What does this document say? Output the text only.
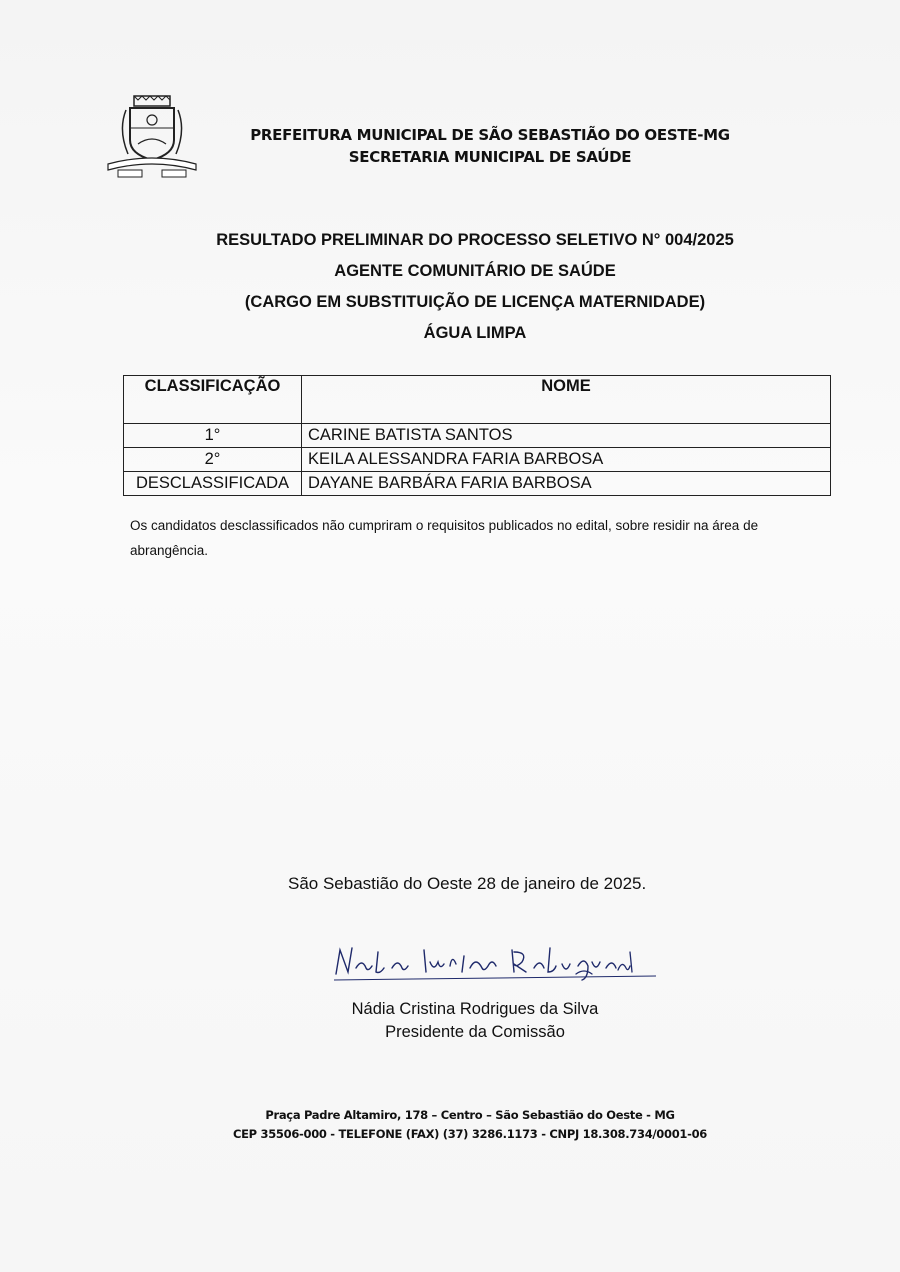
PREFEITURA MUNICIPAL DE SÃO SEBASTIÃO DO OESTE-MG
SECRETARIA MUNICIPAL DE SAÚDE
RESULTADO PRELIMINAR DO PROCESSO SELETIVO N° 004/2025
AGENTE COMUNITÁRIO DE SAÚDE
(CARGO EM SUBSTITUIÇÃO DE LICENÇA MATERNIDADE)
ÁGUA LIMPA
CLASSIFICAÇÃO	NOME
1°	CARINE BATISTA SANTOS
2°	KEILA ALESSANDRA FARIA BARBOSA
DESCLASSIFICADA	DAYANE BARBÁRA FARIA BARBOSA
Os candidatos desclassificados não cumpriram o requisitos publicados no edital, sobre residir na área de abrangência.
São Sebastião do Oeste 28 de janeiro de 2025.
Nádia Cristina Rodrigues da Silva
Presidente da Comissão
Praça Padre Altamiro, 178 – Centro – São Sebastião do Oeste - MG
CEP 35506-000 - TELEFONE (FAX) (37) 3286.1173 - CNPJ 18.308.734/0001-06
